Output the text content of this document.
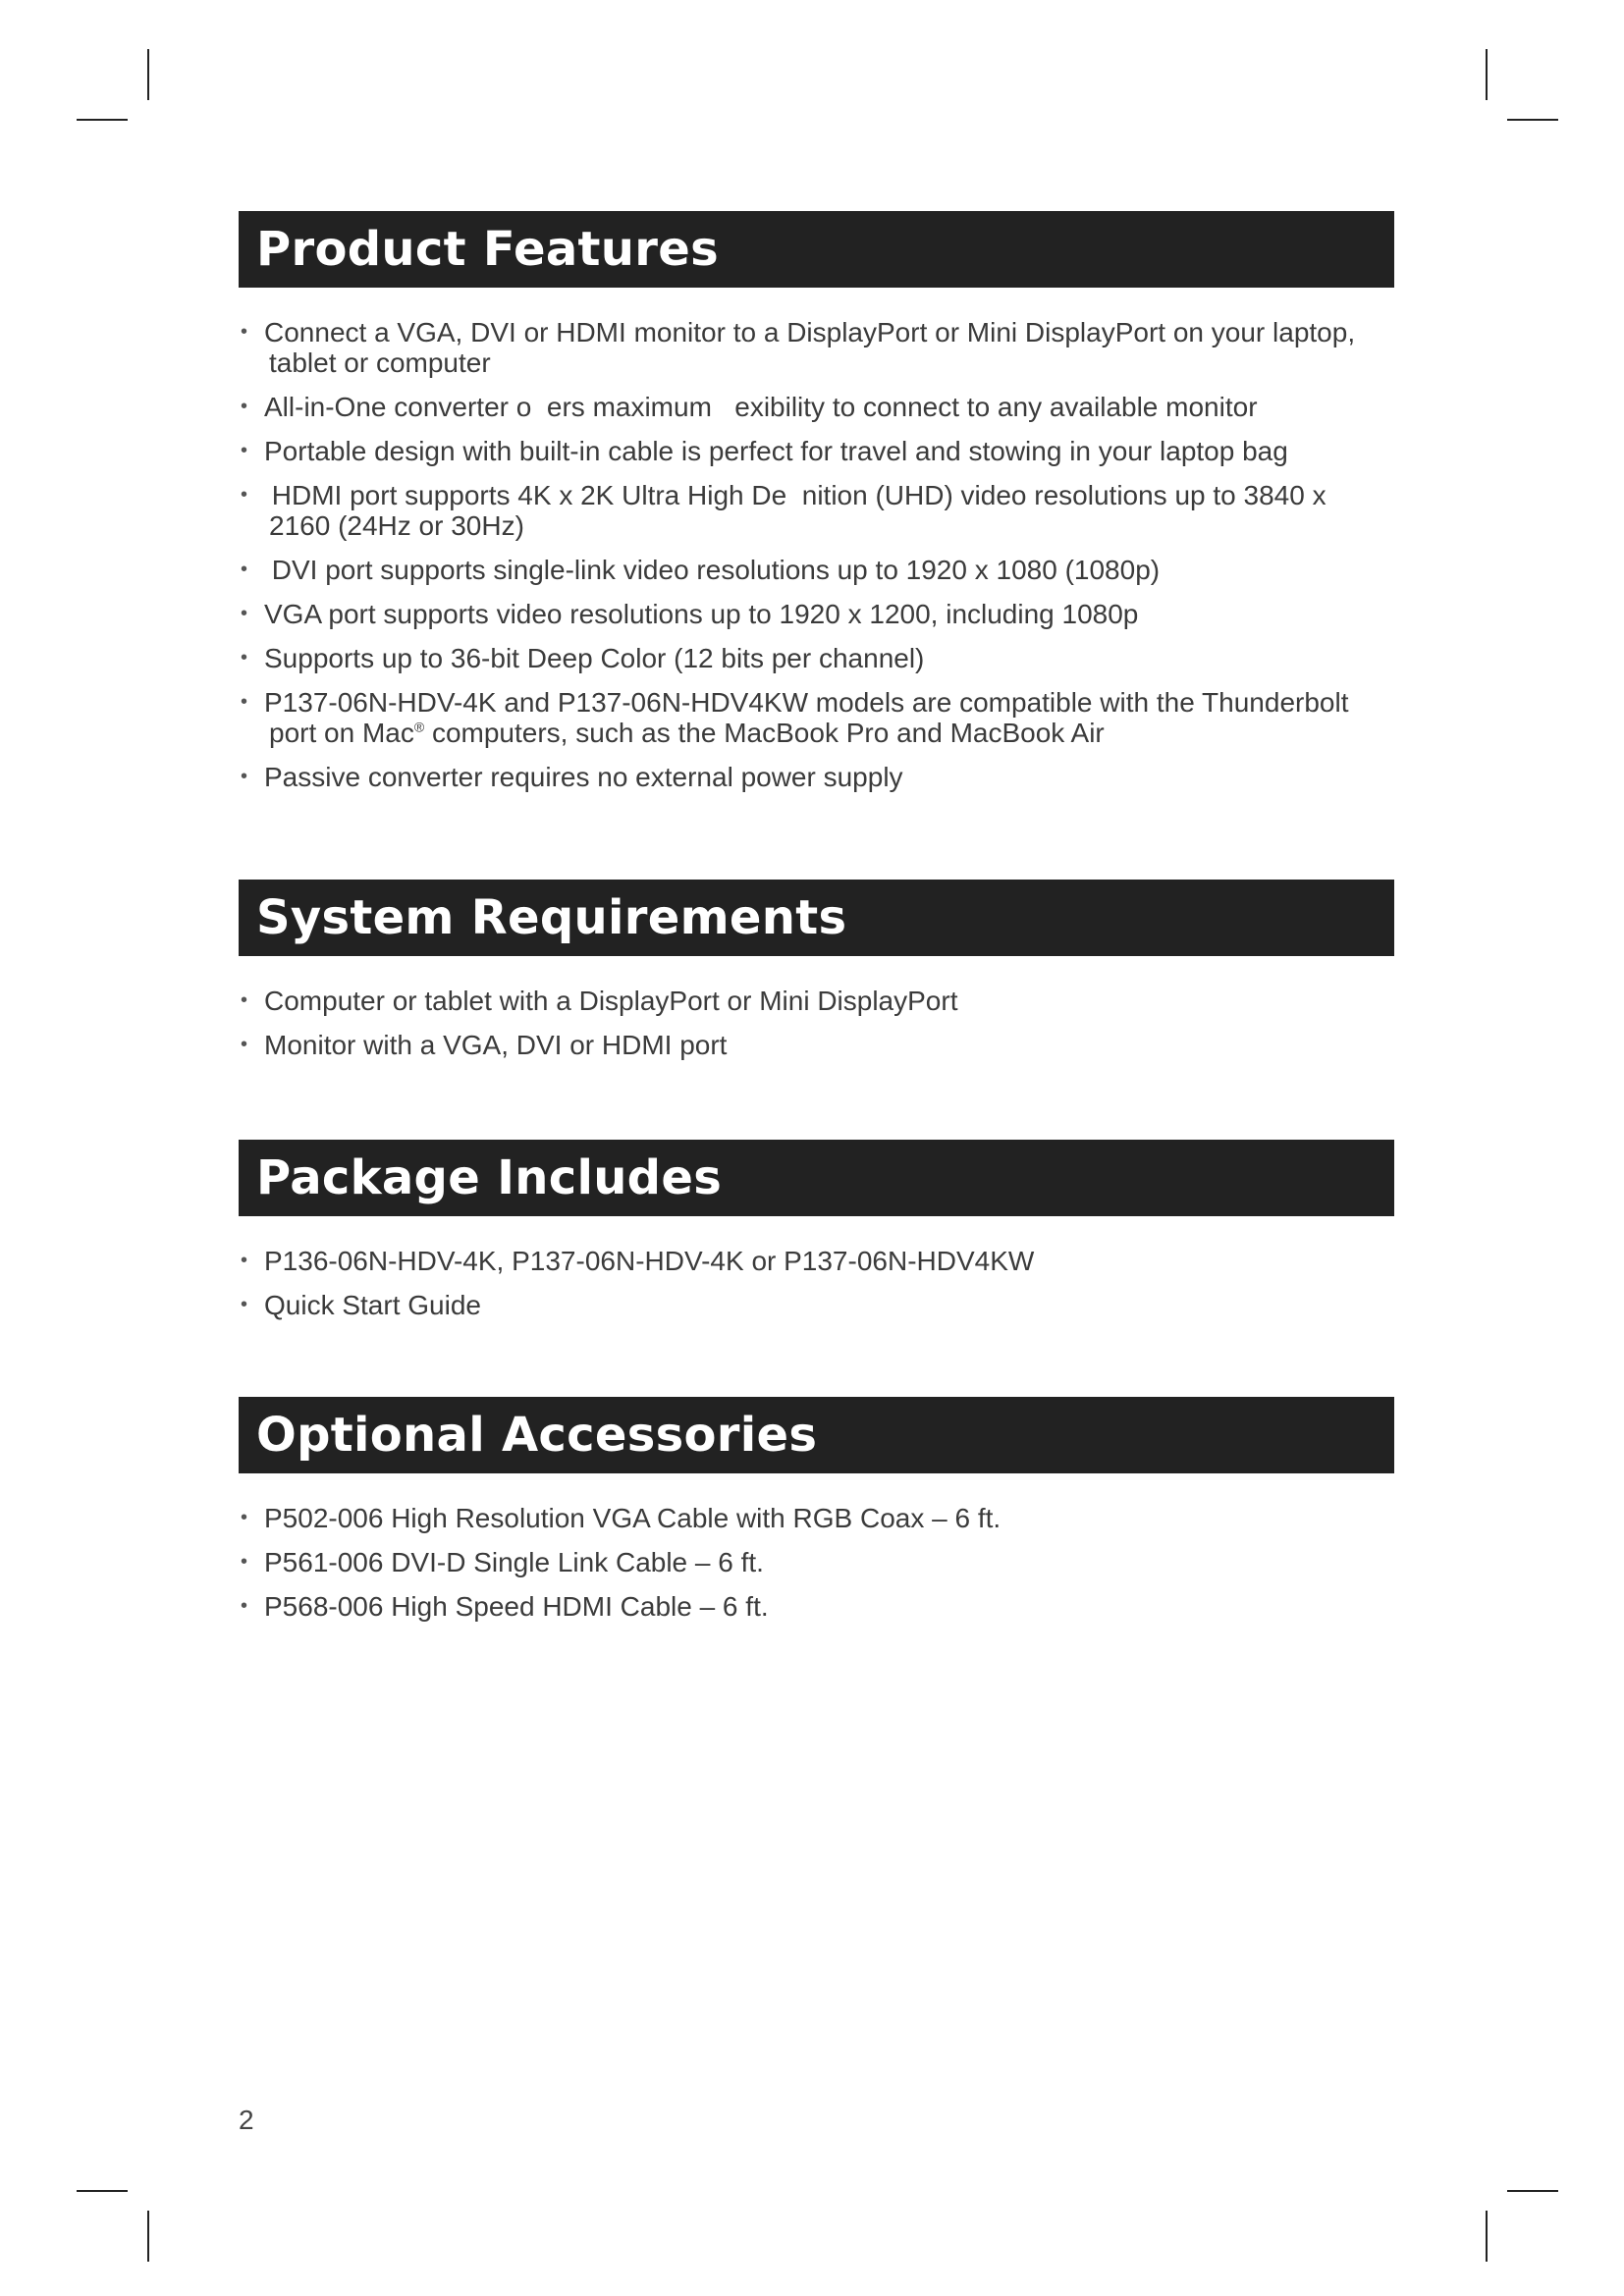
Product Features
• Connect a VGA, DVI or HDMI monitor to a DisplayPort or Mini DisplayPort on your laptop,
tablet or computer
• All-in-One converter o  ers maximum   exibility to connect to any available monitor
• Portable design with built-in cable is perfect for travel and stowing in your laptop bag
•  HDMI port supports 4K x 2K Ultra High De  nition (UHD) video resolutions up to 3840 x
2160 (24Hz or 30Hz)
•  DVI port supports single-link video resolutions up to 1920 x 1080 (1080p)
• VGA port supports video resolutions up to 1920 x 1200, including 1080p
• Supports up to 36-bit Deep Color (12 bits per channel)
• P137-06N-HDV-4K and P137-06N-HDV4KW models are compatible with the Thunderbolt
port on Mac® computers, such as the MacBook Pro and MacBook Air
• Passive converter requires no external power supply
System Requirements
• Computer or tablet with a DisplayPort or Mini DisplayPort
• Monitor with a VGA, DVI or HDMI port
Package Includes
• P136-06N-HDV-4K, P137-06N-HDV-4K or P137-06N-HDV4KW
• Quick Start Guide
Optional Accessories
• P502-006 High Resolution VGA Cable with RGB Coax – 6 ft.
• P561-006 DVI-D Single Link Cable – 6 ft.
• P568-006 High Speed HDMI Cable – 6 ft.
2
